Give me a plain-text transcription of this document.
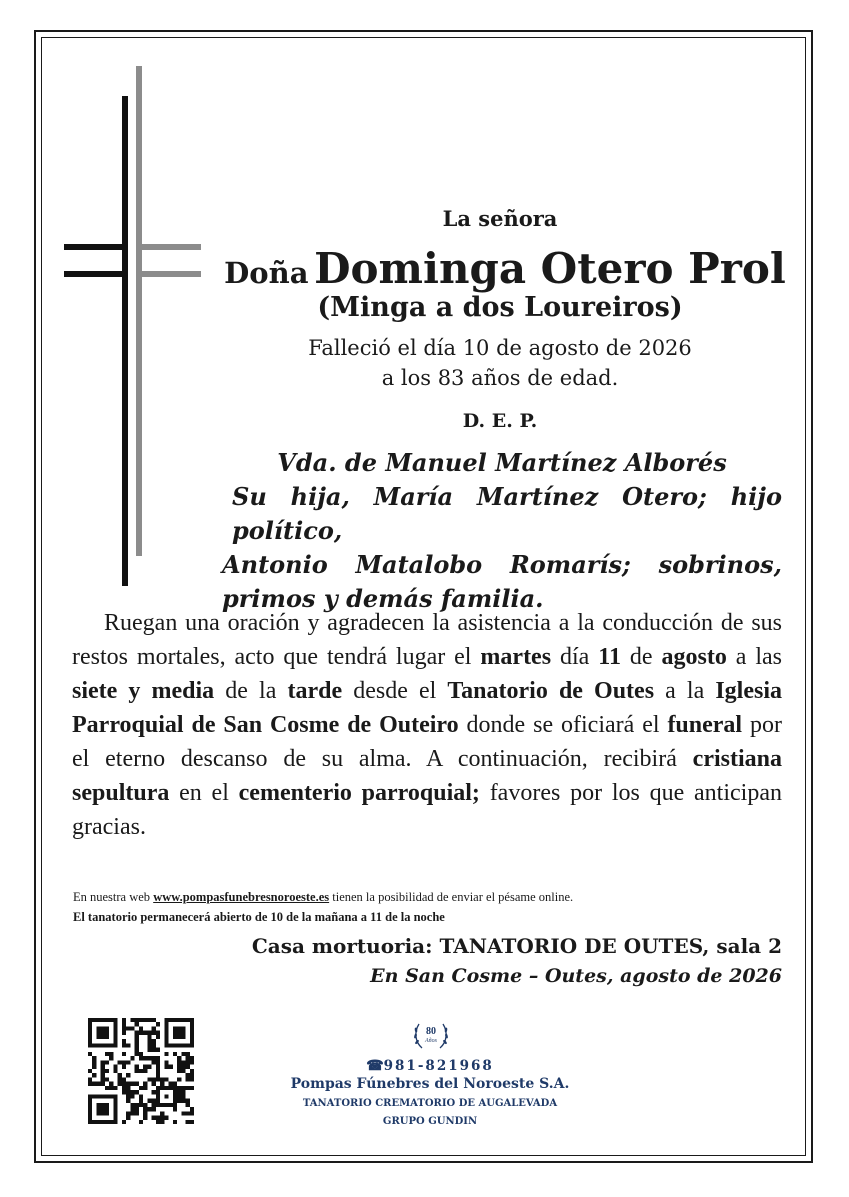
La señora
Doña Dominga Otero Prol
(Minga a dos Loureiros)
Falleció el día 10 de agosto de 2026
a los 83 años de edad.
D. E. P.
Vda. de Manuel Martínez Alborés
Su hija, María Martínez Otero; hijo político,
Antonio Matalobo Romarís; sobrinos,
primos y demás familia.
Ruegan una oración y agradecen la asistencia a la conducción de sus restos mortales, acto que tendrá lugar el martes día 11 de agosto a las siete y media de la tarde desde el Tanatorio de Outes a la Iglesia Parroquial de San Cosme de Outeiro donde se oficiará el funeral por el eterno descanso de su alma. A continuación, recibirá cristiana sepultura en el cementerio parroquial; favores por los que anticipan gracias.
En nuestra web www.pompasfunebresnoroeste.es tienen la posibilidad de enviar el pésame online.
El tanatorio permanecerá abierto de 10 de la mañana a 11 de la noche
Casa mortuoria: TANATORIO DE OUTES, sala 2
En San Cosme – Outes, agosto de 2026
80
Años
☎981-821968
Pompas Fúnebres del Noroeste S.A.
TANATORIO CREMATORIO DE AUGALEVADA
GRUPO GUNDIN
